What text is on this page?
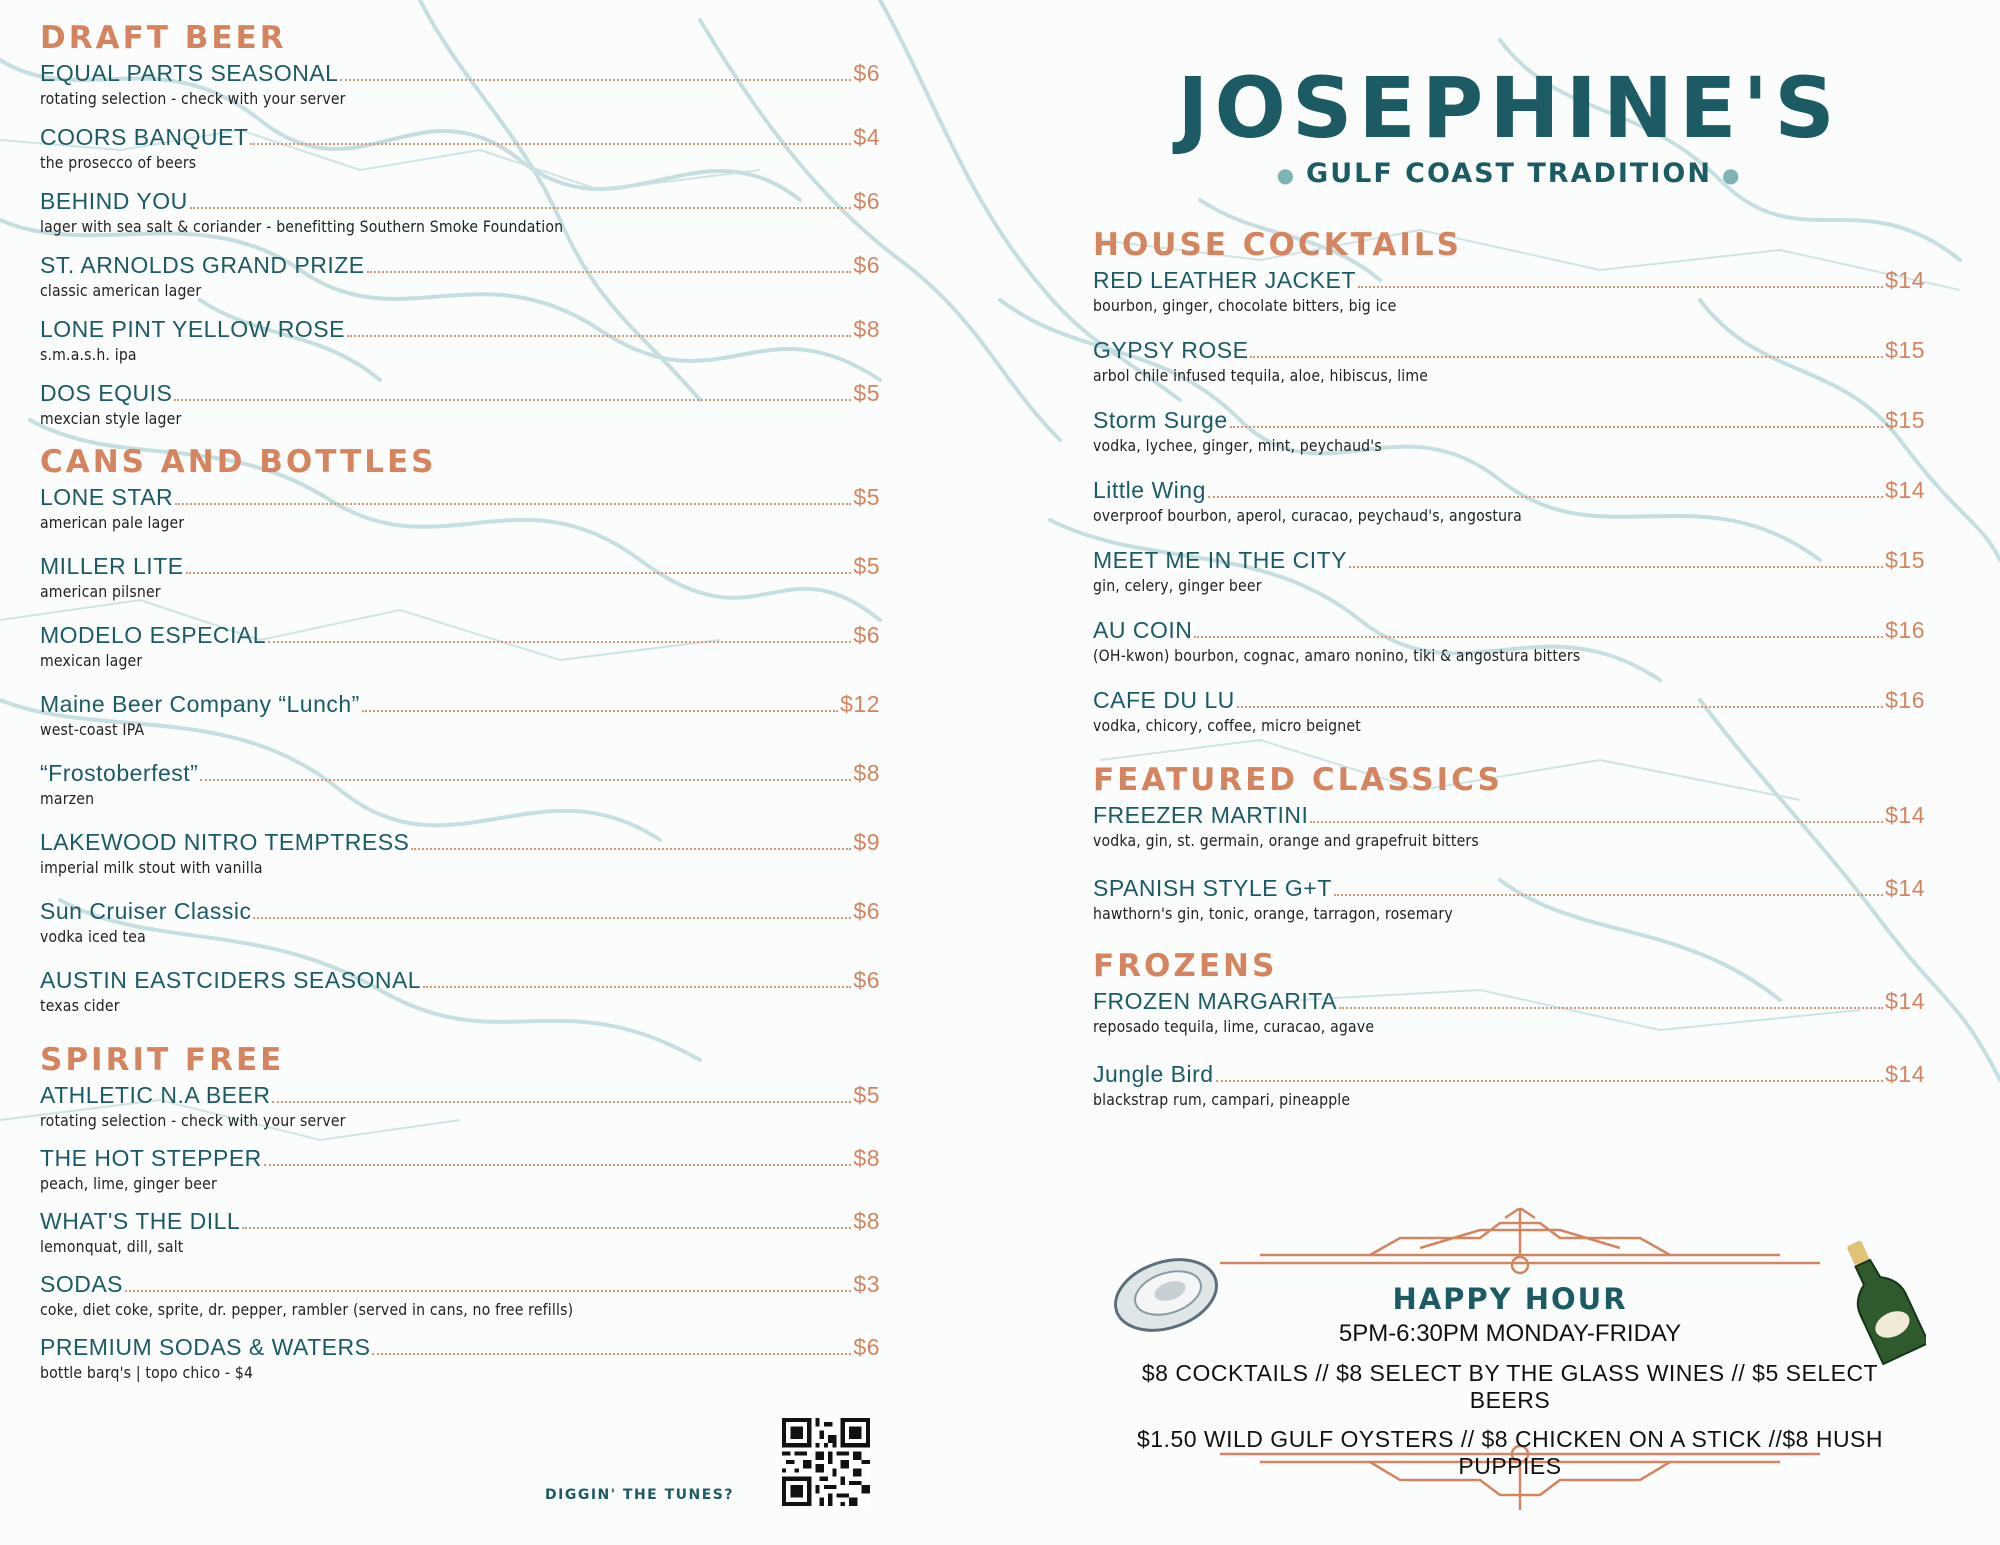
JOSEPHINE'S
● GULF COAST TRADITION ●
DRAFT BEER
EQUAL PARTS SEASONAL	$6
rotating selection - check with your server
COORS BANQUET	$4
the prosecco of beers
BEHIND YOU	$6
lager with sea salt & coriander - benefitting Southern Smoke Foundation
ST. ARNOLDS GRAND PRIZE	$6
classic american lager
LONE PINT YELLOW ROSE	$8
s.m.a.s.h. ipa
DOS EQUIS	$5
mexcian style lager
CANS AND BOTTLES
LONE STAR	$5
american pale lager
MILLER LITE	$5
american pilsner
MODELO ESPECIAL	$6
mexican lager
Maine Beer Company “Lunch”	$12
west-coast IPA
“Frostoberfest”	$8
marzen
LAKEWOOD NITRO TEMPTRESS	$9
imperial milk stout with vanilla
Sun Cruiser Classic	$6
vodka iced tea
AUSTIN EASTCIDERS SEASONAL	$6
texas cider
SPIRIT FREE
ATHLETIC N.A BEER	$5
rotating selection - check with your server
THE HOT STEPPER	$8
peach, lime, ginger beer
WHAT'S THE DILL	$8
lemonquat, dill, salt
SODAS	$3
coke, diet coke, sprite, dr. pepper, rambler (served in cans, no free refills)
PREMIUM SODAS & WATERS	$6
bottle barq's | topo chico - $4
HOUSE COCKTAILS
RED LEATHER JACKET	$14
bourbon, ginger, chocolate bitters, big ice
GYPSY ROSE	$15
arbol chile infused tequila, aloe, hibiscus, lime
Storm Surge	$15
vodka, lychee, ginger, mint, peychaud's
Little Wing	$14
overproof bourbon, aperol, curacao, peychaud's, angostura
MEET ME IN THE CITY	$15
gin, celery, ginger beer
AU COIN	$16
(OH-kwon) bourbon, cognac, amaro nonino, tiki & angostura bitters
CAFE DU LU	$16
vodka, chicory, coffee, micro beignet
FEATURED CLASSICS
FREEZER MARTINI	$14
vodka, gin, st. germain, orange and grapefruit bitters
SPANISH STYLE G+T	$14
hawthorn's gin, tonic, orange, tarragon, rosemary
FROZENS
FROZEN MARGARITA	$14
reposado tequila, lime, curacao, agave
Jungle Bird	$14
blackstrap rum, campari, pineapple
HAPPY HOUR
5PM-6:30PM MONDAY-FRIDAY
$8 COCKTAILS // $8 SELECT BY THE GLASS WINES // $5 SELECT BEERS
$1.50 WILD GULF OYSTERS // $8 CHICKEN ON A STICK //$8 HUSH PUPPIES
DIGGIN' THE TUNES?
